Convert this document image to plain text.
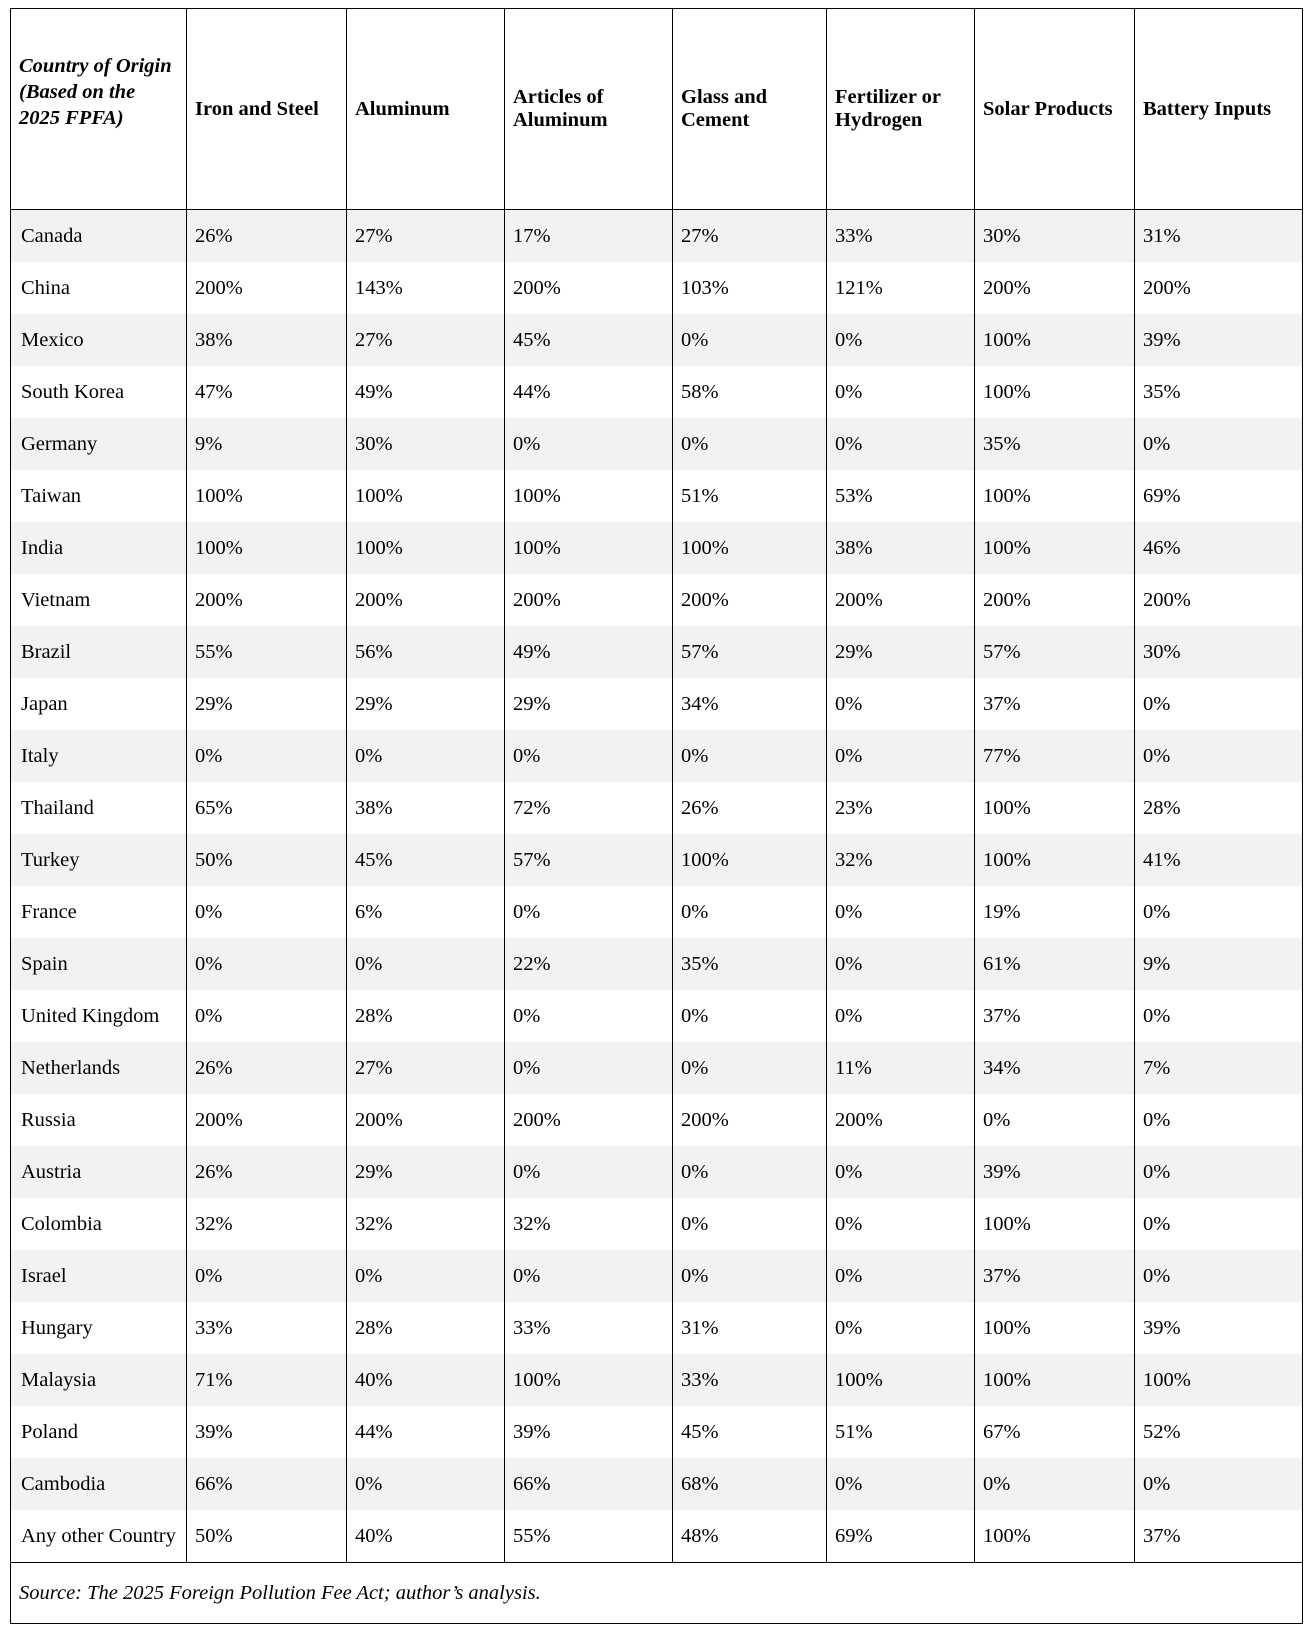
Country of Origin (Based on the 2025 FPFA)	Iron and Steel	Aluminum	Articles of Aluminum	Glass and Cement	Fertilizer or Hydrogen	Solar Products	Battery Inputs
Canada	26%	27%	17%	27%	33%	30%	31%
China	200%	143%	200%	103%	121%	200%	200%
Mexico	38%	27%	45%	0%	0%	100%	39%
South Korea	47%	49%	44%	58%	0%	100%	35%
Germany	9%	30%	0%	0%	0%	35%	0%
Taiwan	100%	100%	100%	51%	53%	100%	69%
India	100%	100%	100%	100%	38%	100%	46%
Vietnam	200%	200%	200%	200%	200%	200%	200%
Brazil	55%	56%	49%	57%	29%	57%	30%
Japan	29%	29%	29%	34%	0%	37%	0%
Italy	0%	0%	0%	0%	0%	77%	0%
Thailand	65%	38%	72%	26%	23%	100%	28%
Turkey	50%	45%	57%	100%	32%	100%	41%
France	0%	6%	0%	0%	0%	19%	0%
Spain	0%	0%	22%	35%	0%	61%	9%
United Kingdom	0%	28%	0%	0%	0%	37%	0%
Netherlands	26%	27%	0%	0%	11%	34%	7%
Russia	200%	200%	200%	200%	200%	0%	0%
Austria	26%	29%	0%	0%	0%	39%	0%
Colombia	32%	32%	32%	0%	0%	100%	0%
Israel	0%	0%	0%	0%	0%	37%	0%
Hungary	33%	28%	33%	31%	0%	100%	39%
Malaysia	71%	40%	100%	33%	100%	100%	100%
Poland	39%	44%	39%	45%	51%	67%	52%
Cambodia	66%	0%	66%	68%	0%	0%	0%
Any other Country	50%	40%	55%	48%	69%	100%	37%
Source: The 2025 Foreign Pollution Fee Act; author’s analysis.							
